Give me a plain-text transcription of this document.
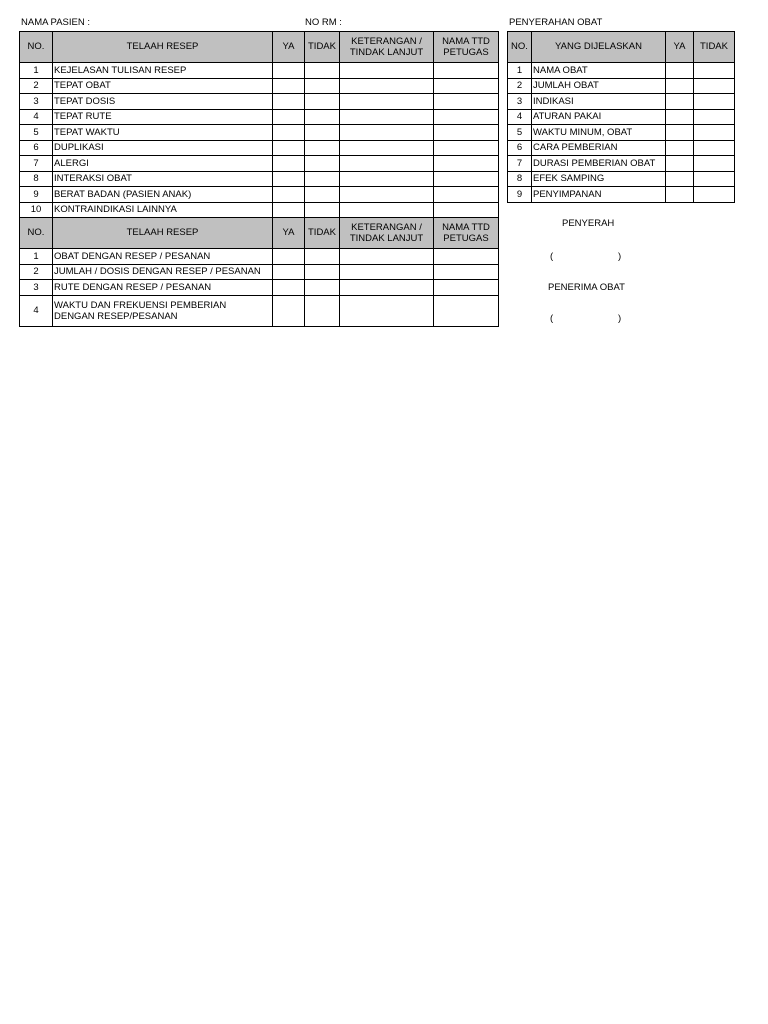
NAMA PASIEN :	NO RM :	PENYERAHAN OBAT
NO.	TELAAH RESEP	YA	TIDAK	KETERANGAN /
TINDAK LANJUT	NAMA TTD
PETUGAS
1	KEJELASAN TULISAN RESEP				
2	TEPAT OBAT				
3	TEPAT DOSIS				
4	TEPAT RUTE				
5	TEPAT WAKTU				
6	DUPLIKASI				
7	ALERGI				
8	INTERAKSI OBAT				
9	BERAT BADAN (PASIEN ANAK)				
10	KONTRAINDIKASI LAINNYA				
NO.	TELAAH RESEP	YA	TIDAK	KETERANGAN /
TINDAK LANJUT	NAMA TTD
PETUGAS
1	OBAT DENGAN RESEP / PESANAN				
2	JUMLAH / DOSIS DENGAN RESEP / PESANAN				
3	RUTE DENGAN RESEP / PESANAN				
4	WAKTU DAN FREKUENSI PEMBERIAN
DENGAN RESEP/PESANAN				
NO.	YANG DIJELASKAN	YA	TIDAK
1	NAMA OBAT		
2	JUMLAH OBAT		
3	INDIKASI		
4	ATURAN PAKAI		
5	WAKTU MINUM, OBAT		
6	CARA PEMBERIAN		
7	DURASI PEMBERIAN OBAT		
8	EFEK SAMPING		
9	PENYIMPANAN		
PENYERAH
(	)
PENERIMA OBAT
(	)
